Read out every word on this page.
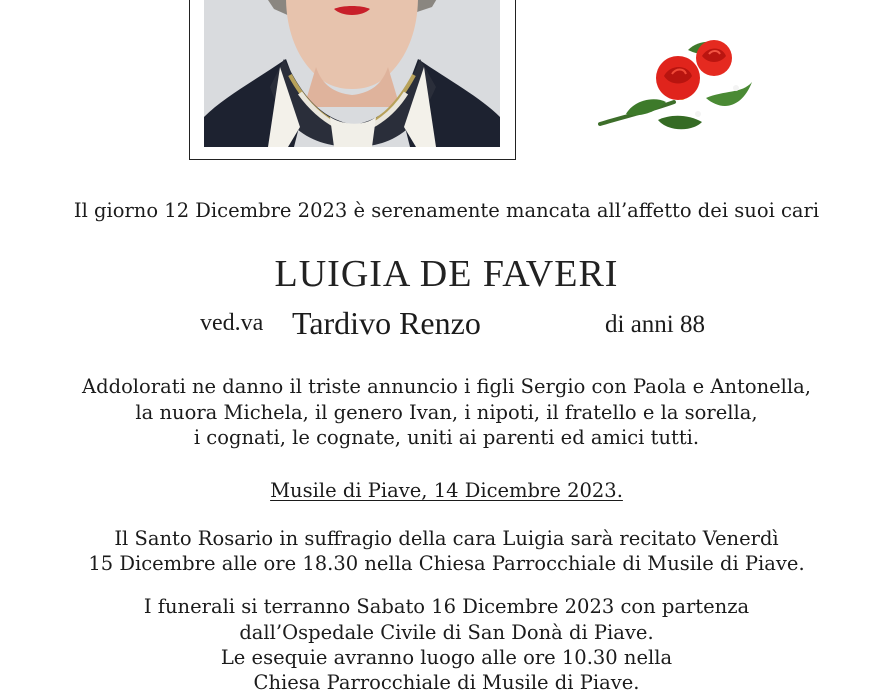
Il giorno 12 Dicembre 2023 è serenamente mancata all’affetto dei suoi cari
LUIGIA DE FAVERI
ved.va Tardivo Renzo	di anni 88
Addolorati ne danno il triste annuncio i figli Sergio con Paola e Antonella,
la nuora Michela, il genero Ivan, i nipoti, il fratello e la sorella,
i cognati, le cognate, uniti ai parenti ed amici tutti.
Musile di Piave, 14 Dicembre 2023.
Il Santo Rosario in suffragio della cara Luigia sarà recitato Venerdì
15 Dicembre alle ore 18.30 nella Chiesa Parrocchiale di Musile di Piave.
I funerali si terranno Sabato 16 Dicembre 2023 con partenza
dall’Ospedale Civile di San Donà di Piave.
Le esequie avranno luogo alle ore 10.30 nella
Chiesa Parrocchiale di Musile di Piave.
